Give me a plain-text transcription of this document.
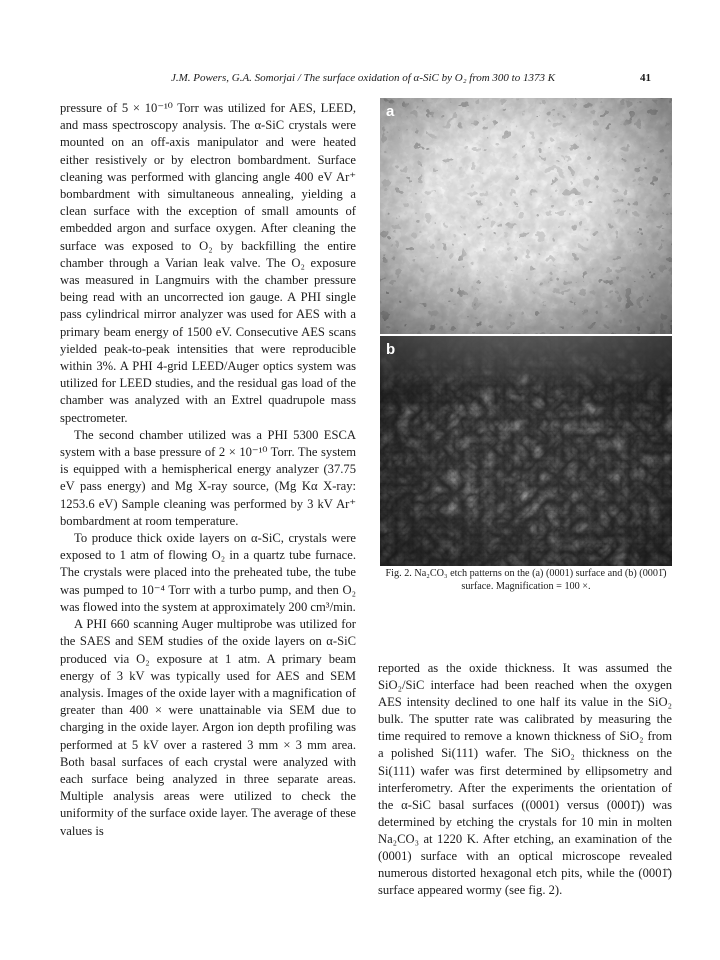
J.M. Powers, G.A. Somorjai / The surface oxidation of α-SiC by O₂ from 300 to 1373 K	41

pressure of 5 × 10⁻¹⁰ Torr was utilized for AES, LEED, and mass spectroscopy analysis. The α-SiC crystals were mounted on an off-axis manipulator and were heated either resistively or by electron bombardment. Surface cleaning was performed with glancing angle 400 eV Ar⁺ bombardment with simultaneous annealing, yielding a clean surface with the exception of small amounts of embedded argon and surface oxygen. After cleaning the surface was exposed to O₂ by backfilling the entire chamber through a Varian leak valve. The O₂ exposure was measured in Langmuirs with the chamber pressure being read with an uncorrected ion gauge. A PHI single pass cylindrical mirror analyzer was used for AES with a primary beam energy of 1500 eV. Consecutive AES scans yielded peak-to-peak intensities that were reproducible within 3%. A PHI 4-grid LEED/Auger optics system was utilized for LEED studies, and the residual gas load of the chamber was analyzed with an Extrel quadrupole mass spectrometer.

The second chamber utilized was a PHI 5300 ESCA system with a base pressure of 2 × 10⁻¹⁰ Torr. The system is equipped with a hemispherical energy analyzer (37.75 eV pass energy) and Mg X-ray source, (Mg Kα X-ray: 1253.6 eV) Sample cleaning was performed by 3 kV Ar⁺ bombardment at room temperature.

To produce thick oxide layers on α-SiC, crystals were exposed to 1 atm of flowing O₂ in a quartz tube furnace. The crystals were placed into the preheated tube, the tube was pumped to 10⁻⁴ Torr with a turbo pump, and then O₂ was flowed into the system at approximately 200 cm³/min.

A PHI 660 scanning Auger multiprobe was utilized for the SAES and SEM studies of the oxide layers on α-SiC produced via O₂ exposure at 1 atm. A primary beam energy of 3 kV was typically used for AES and SEM analysis. Images of the oxide layer with a magnification of greater than 400 × were unattainable via SEM due to charging in the oxide layer. Argon ion depth profiling was performed at 5 kV over a rastered 3 mm × 3 mm area. Both basal surfaces of each crystal were analyzed with each surface being analyzed in three separate areas. Multiple analysis areas were utilized to check the uniformity of the surface oxide layer. The average of these values is

a
b
Fig. 2. Na₂CO₃ etch patterns on the (a) (0001) surface and (b) (0001̄) surface. Magnification = 100 ×.

reported as the oxide thickness. It was assumed the SiO₂/SiC interface had been reached when the oxygen AES intensity declined to one half its value in the SiO₂ bulk. The sputter rate was calibrated by measuring the time required to remove a known thickness of SiO₂ from a polished Si(111) wafer. The SiO₂ thickness on the Si(111) wafer was first determined by ellipsometry and interferometry. After the experiments the orientation of the α-SiC basal surfaces ((0001) versus (0001̄)) was determined by etching the crystals for 10 min in molten Na₂CO₃ at 1220 K. After etching, an examination of the (0001) surface with an optical microscope revealed numerous distorted hexagonal etch pits, while the (0001̄) surface appeared wormy (see fig. 2).
